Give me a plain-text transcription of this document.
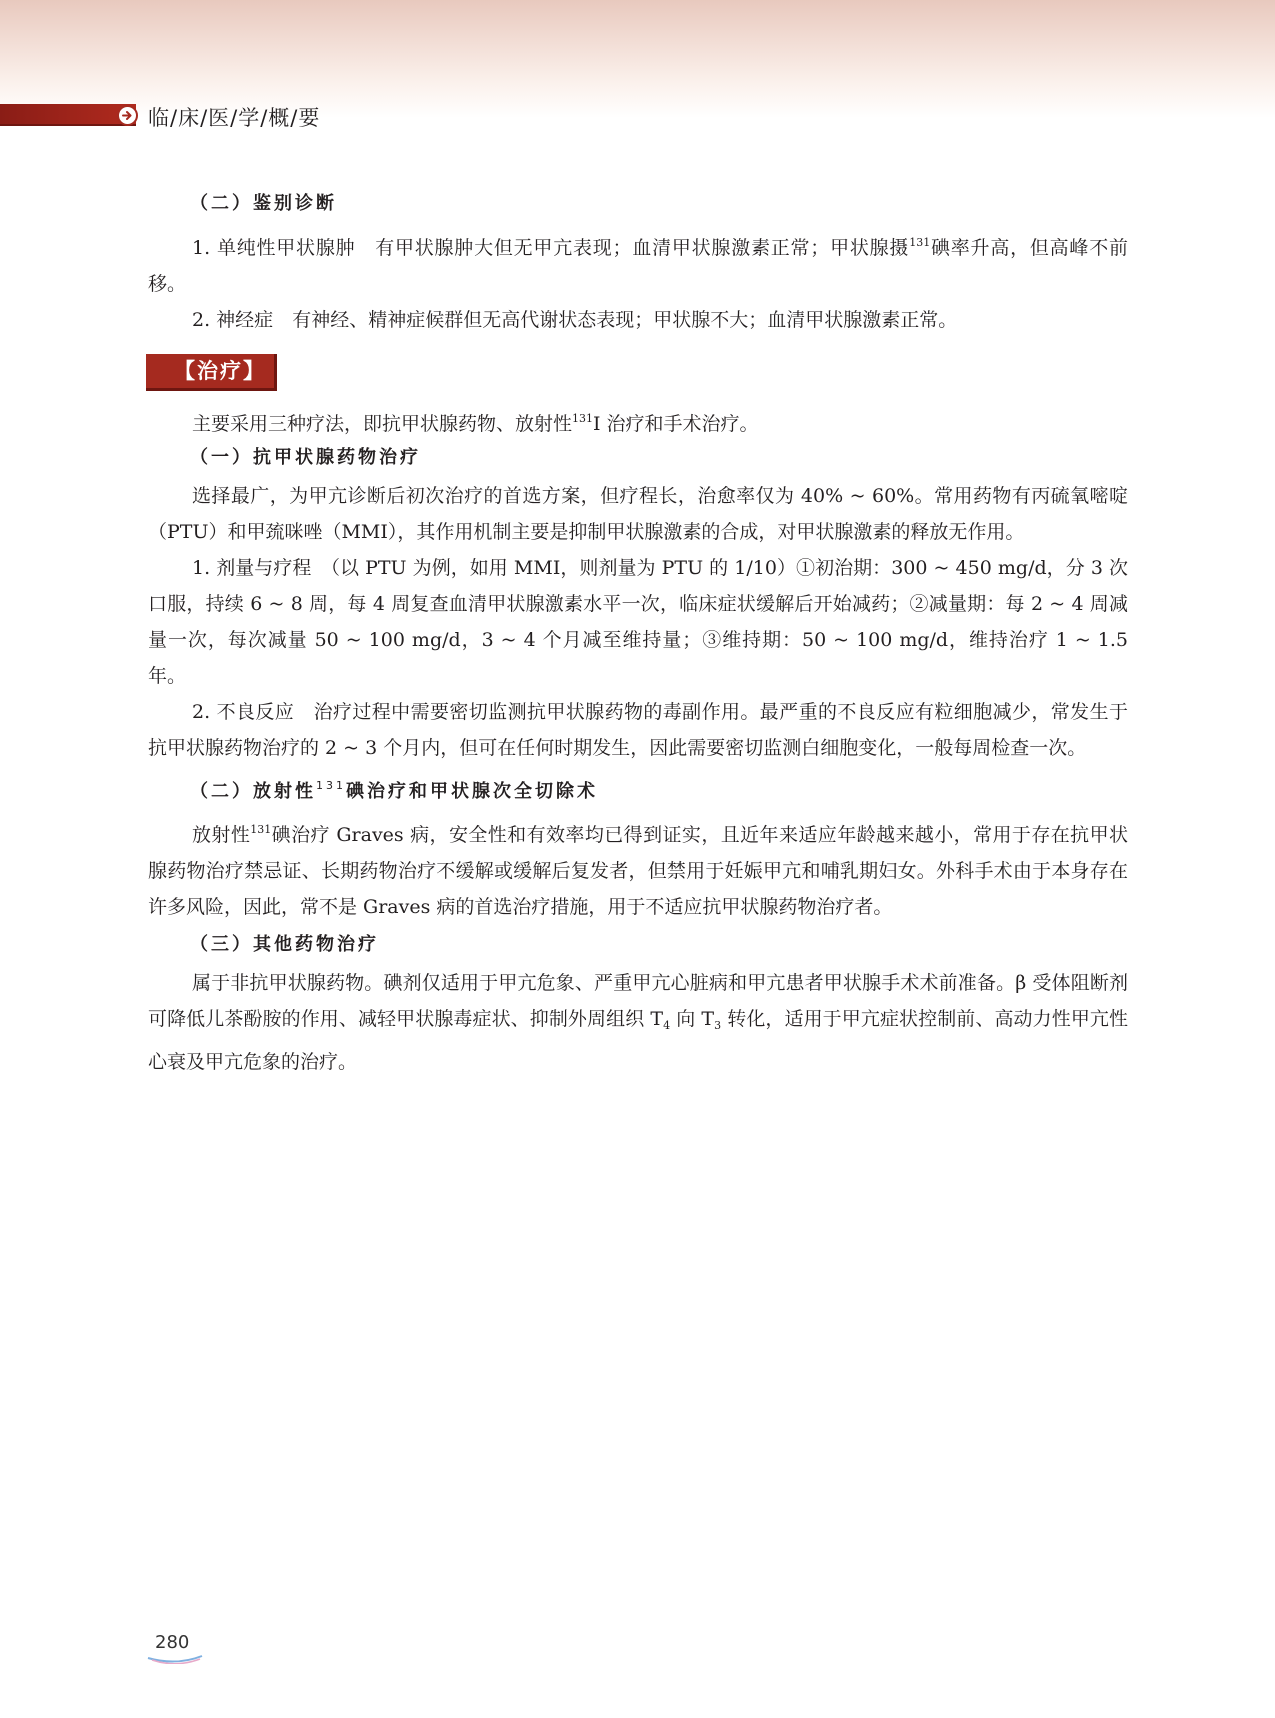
临/床/医/学/概/要

（二）鉴别诊断

1. 单纯性甲状腺肿　 有甲状腺肿大但无甲亢表现；血清甲状腺激素正常；甲状腺摄$^{131}$碘率升高，但高峰不前移。

2. 神经症　 有神经、精神症候群但无高代谢状态表现；甲状腺不大；血清甲状腺激素正常。

【治疗】

主要采用三种疗法，即抗甲状腺药物、放射性$^{131}$I 治疗和手术治疗。

（一）抗甲状腺药物治疗

选择最广，为甲亢诊断后初次治疗的首选方案，但疗程长，治愈率仅为 40% ~ 60%。常用药物有丙硫氧嘧啶（PTU）和甲巯咪唑（MMI），其作用机制主要是抑制甲状腺激素的合成，对甲状腺激素的释放无作用。

1. 剂量与疗程　 （以 PTU 为例，如用 MMI，则剂量为 PTU 的 1/10）①初治期：300 ~ 450 mg/d，分 3 次口服，持续 6 ~ 8 周，每 4 周复查血清甲状腺激素水平一次，临床症状缓解后开始减药；②减量期：每 2 ~ 4 周减量一次，每次减量 50 ~ 100 mg/d，3 ~ 4 个月减至维持量；③维持期：50 ~ 100 mg/d，维持治疗 1 ~ 1.5 年。

2. 不良反应　 治疗过程中需要密切监测抗甲状腺药物的毒副作用。最严重的不良反应有粒细胞减少，常发生于抗甲状腺药物治疗的 2 ~ 3 个月内，但可在任何时期发生，因此需要密切监测白细胞变化，一般每周检查一次。

（二）放射性$^{131}$碘治疗和甲状腺次全切除术

放射性$^{131}$碘治疗 Graves 病，安全性和有效率均已得到证实，且近年来适应年龄越来越小，常用于存在抗甲状腺药物治疗禁忌证、长期药物治疗不缓解或缓解后复发者，但禁用于妊娠甲亢和哺乳期妇女。外科手术由于本身存在许多风险，因此，常不是 Graves 病的首选治疗措施，用于不适应抗甲状腺药物治疗者。

（三）其他药物治疗

属于非抗甲状腺药物。碘剂仅适用于甲亢危象、严重甲亢心脏病和甲亢患者甲状腺手术术前准备。β 受体阻断剂可降低儿茶酚胺的作用、减轻甲状腺毒症状、抑制外周组织 $T_4$ 向 $T_3$ 转化，适用于甲亢症状控制前、高动力性甲亢性心衰及甲亢危象的治疗。

280
